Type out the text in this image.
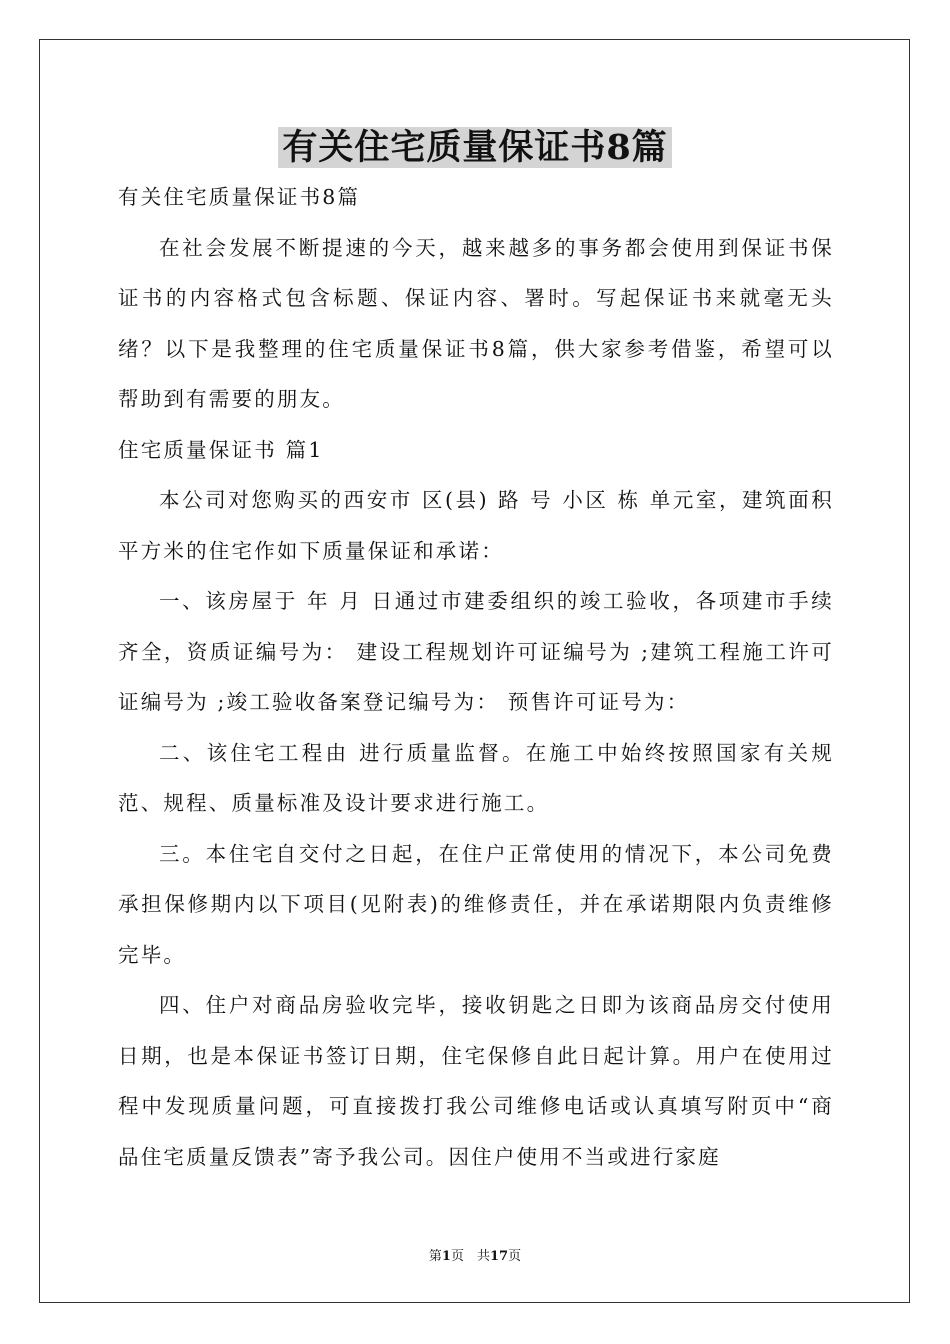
有关住宅质量保证书8篇

有关住宅质量保证书8篇

在社会发展不断提速的今天，越来越多的事务都会使用到保证书保证书的内容格式包含标题、保证内容、署时。写起保证书来就毫无头绪？以下是我整理的住宅质量保证书8篇，供大家参考借鉴，希望可以帮助到有需要的朋友。

住宅质量保证书 篇1

本公司对您购买的西安市 区(县) 路 号 小区 栋 单元室，建筑面积 平方米的住宅作如下质量保证和承诺：

一、该房屋于 年 月 日通过市建委组织的竣工验收，各项建市手续齐全，资质证编号为： 建设工程规划许可证编号为 ;建筑工程施工许可证编号为 ;竣工验收备案登记编号为： 预售许可证号为：

二、该住宅工程由 进行质量监督。在施工中始终按照国家有关规范、规程、质量标准及设计要求进行施工。

三。本住宅自交付之日起，在住户正常使用的情况下，本公司免费承担保修期内以下项目(见附表)的维修责任，并在承诺期限内负责维修完毕。

四、住户对商品房验收完毕，接收钥匙之日即为该商品房交付使用日期，也是本保证书签订日期，住宅保修自此日起计算。用户在使用过程中发现质量问题，可直接拨打我公司维修电话或认真填写附页中“商品住宅质量反馈表”寄予我公司。因住户使用不当或进行家庭

第1页　共17页
